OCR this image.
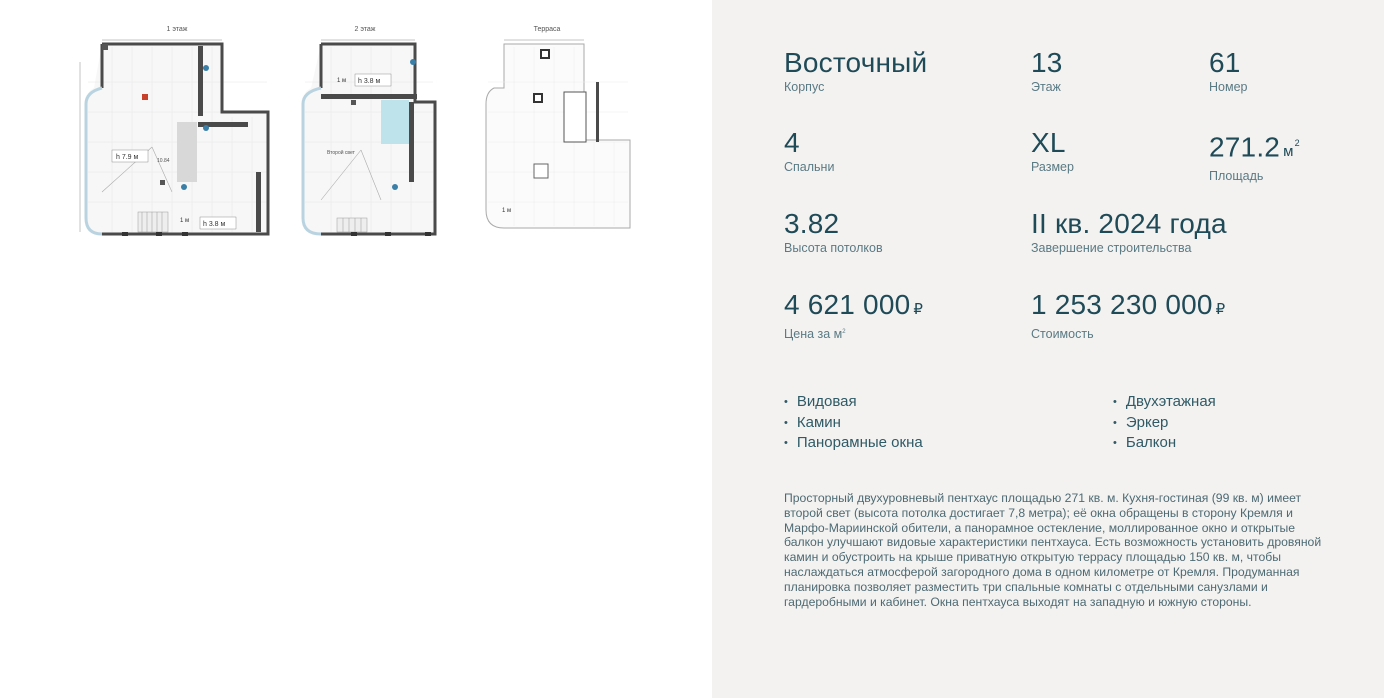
1 этаж
h 7.9 м
h 3.8 м
1 м
10.84
2 этаж
h 3.8 м
1 м
Второй свет
Терраса
1 м
Восточный
Корпус
13
Этаж
61
Номер
4
Спальни
XL
Размер
271.2 $м^2$
Площадь
3.82
Высота потолков
II кв. 2024 года
Завершение строительства
4 621 000 ₽
Цена за $м^2$
1 253 230 000 ₽
Стоимость
• Видовая
• Камин
• Панорамные окна
• Двухэтажная
• Эркер
• Балкон
Просторный двухуровневый пентхаус площадью 271 кв. м. Кухня-гостиная (99 кв. м) имеет второй свет (высота потолка достигает 7,8 метра); её окна обращены в сторону Кремля и Марфо-Мариинской обители, а панорамное остекление, моллированное окно и открытые балкон улучшают видовые характеристики пентхауса. Есть возможность установить дровяной камин и обустроить на крыше приватную открытую террасу площадью 150 кв. м, чтобы наслаждаться атмосферой загородного дома в одном километре от Кремля. Продуманная планировка позволяет разместить три спальные комнаты с отдельными санузлами и гардеробными и кабинет. Окна пентхауса выходят на западную и южную стороны.
